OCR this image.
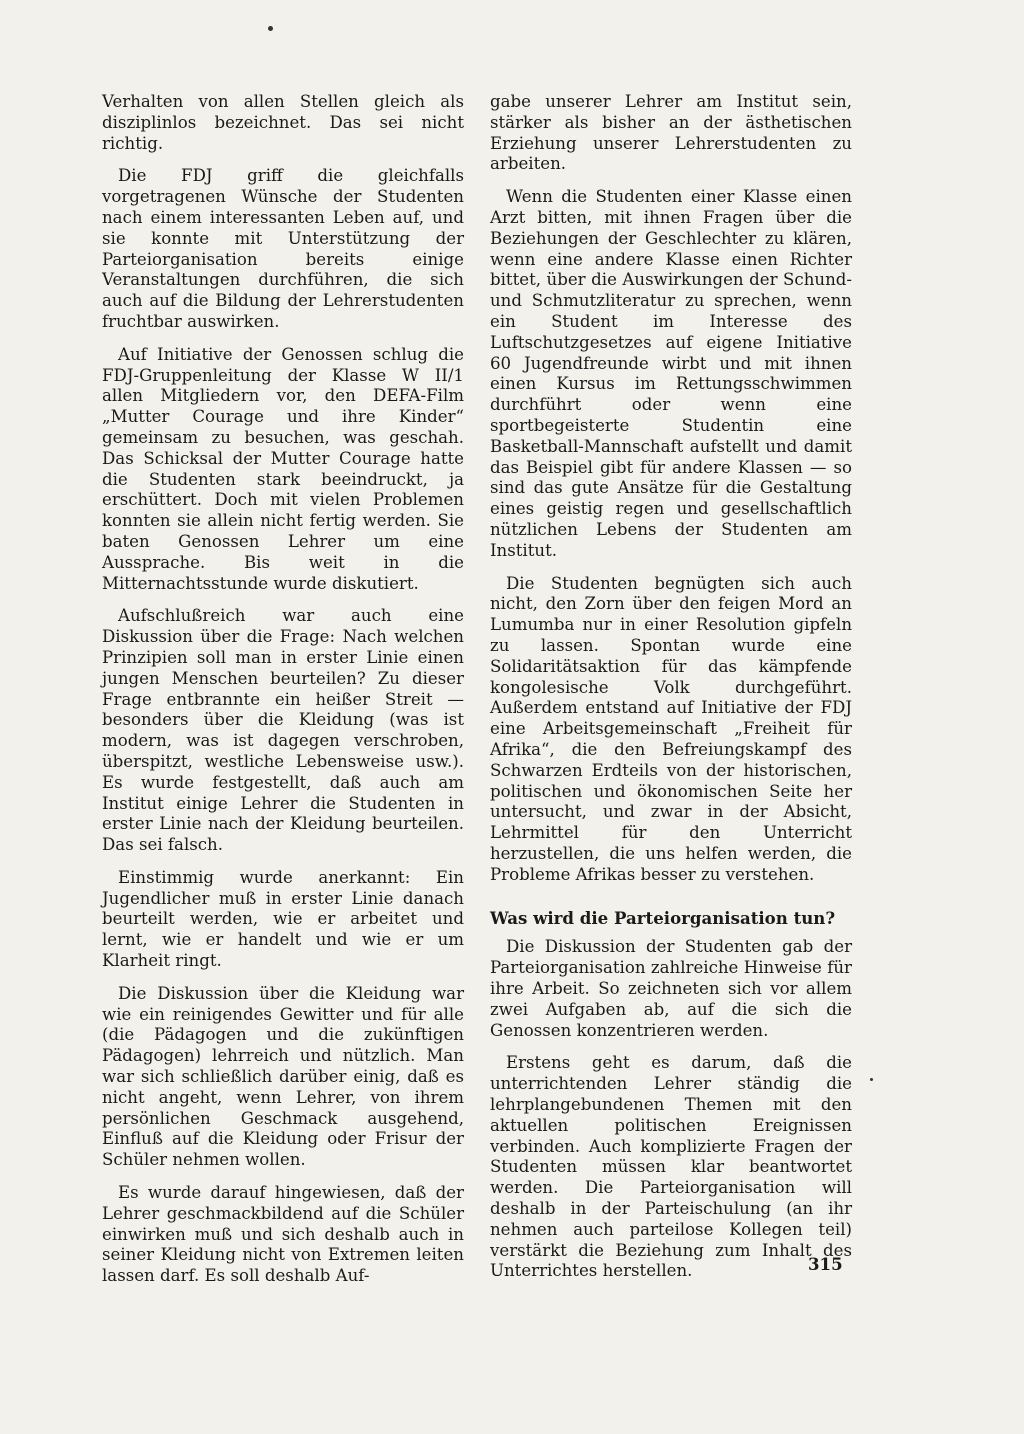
Verhalten von allen Stellen gleich als disziplinlos bezeichnet. Das sei nicht richtig.

Die FDJ griff die gleichfalls vorgetragenen Wünsche der Studenten nach einem interessanten Leben auf, und sie konnte mit Unterstützung der Parteiorganisation bereits einige Veranstaltungen durchführen, die sich auch auf die Bildung der Lehrerstudenten fruchtbar auswirken.

Auf Initiative der Genossen schlug die FDJ-Gruppenleitung der Klasse W II/1 allen Mitgliedern vor, den DEFA-Film „Mutter Courage und ihre Kinder“ gemeinsam zu besuchen, was geschah. Das Schicksal der Mutter Courage hatte die Studenten stark beeindruckt, ja erschüttert. Doch mit vielen Problemen konnten sie allein nicht fertig werden. Sie baten Genossen Lehrer um eine Aussprache. Bis weit in die Mitternachtsstunde wurde diskutiert.

Aufschlußreich war auch eine Diskussion über die Frage: Nach welchen Prinzipien soll man in erster Linie einen jungen Menschen beurteilen? Zu dieser Frage entbrannte ein heißer Streit — besonders über die Kleidung (was ist modern, was ist dagegen verschroben, überspitzt, westliche Lebensweise usw.). Es wurde festgestellt, daß auch am Institut einige Lehrer die Studenten in erster Linie nach der Kleidung beurteilen. Das sei falsch.

Einstimmig wurde anerkannt: Ein Jugendlicher muß in erster Linie danach beurteilt werden, wie er arbeitet und lernt, wie er handelt und wie er um Klarheit ringt.

Die Diskussion über die Kleidung war wie ein reinigendes Gewitter und für alle (die Pädagogen und die zukünftigen Pädagogen) lehrreich und nützlich. Man war sich schließlich darüber einig, daß es nicht angeht, wenn Lehrer, von ihrem persönlichen Geschmack ausgehend, Einfluß auf die Kleidung oder Frisur der Schüler nehmen wollen.

Es wurde darauf hingewiesen, daß der Lehrer geschmackbildend auf die Schüler einwirken muß und sich deshalb auch in seiner Kleidung nicht von Extremen leiten lassen darf. Es soll deshalb Auf-

gabe unserer Lehrer am Institut sein, stärker als bisher an der ästhetischen Erziehung unserer Lehrerstudenten zu arbeiten.

Wenn die Studenten einer Klasse einen Arzt bitten, mit ihnen Fragen über die Beziehungen der Geschlechter zu klären, wenn eine andere Klasse einen Richter bittet, über die Auswirkungen der Schund- und Schmutzliteratur zu sprechen, wenn ein Student im Interesse des Luftschutzgesetzes auf eigene Initiative 60 Jugendfreunde wirbt und mit ihnen einen Kursus im Rettungsschwimmen durchführt oder wenn eine sportbegeisterte Studentin eine Basketball-Mannschaft aufstellt und damit das Beispiel gibt für andere Klassen — so sind das gute Ansätze für die Gestaltung eines geistig regen und gesellschaftlich nützlichen Lebens der Studenten am Institut.

Die Studenten begnügten sich auch nicht, den Zorn über den feigen Mord an Lumumba nur in einer Resolution gipfeln zu lassen. Spontan wurde eine Solidaritätsaktion für das kämpfende kongolesische Volk durchgeführt. Außerdem entstand auf Initiative der FDJ eine Arbeitsgemeinschaft „Freiheit für Afrika“, die den Befreiungskampf des Schwarzen Erdteils von der historischen, politischen und ökonomischen Seite her untersucht, und zwar in der Absicht, Lehrmittel für den Unterricht herzustellen, die uns helfen werden, die Probleme Afrikas besser zu verstehen.

Was wird die Parteiorganisation tun?

Die Diskussion der Studenten gab der Parteiorganisation zahlreiche Hinweise für ihre Arbeit. So zeichneten sich vor allem zwei Aufgaben ab, auf die sich die Genossen konzentrieren werden.

Erstens geht es darum, daß die unterrichtenden Lehrer ständig die lehrplangebundenen Themen mit den aktuellen politischen Ereignissen verbinden. Auch komplizierte Fragen der Studenten müssen klar beantwortet werden. Die Parteiorganisation will deshalb in der Parteischulung (an ihr nehmen auch parteilose Kollegen teil) verstärkt die Beziehung zum Inhalt des Unterrichtes herstellen.	315
